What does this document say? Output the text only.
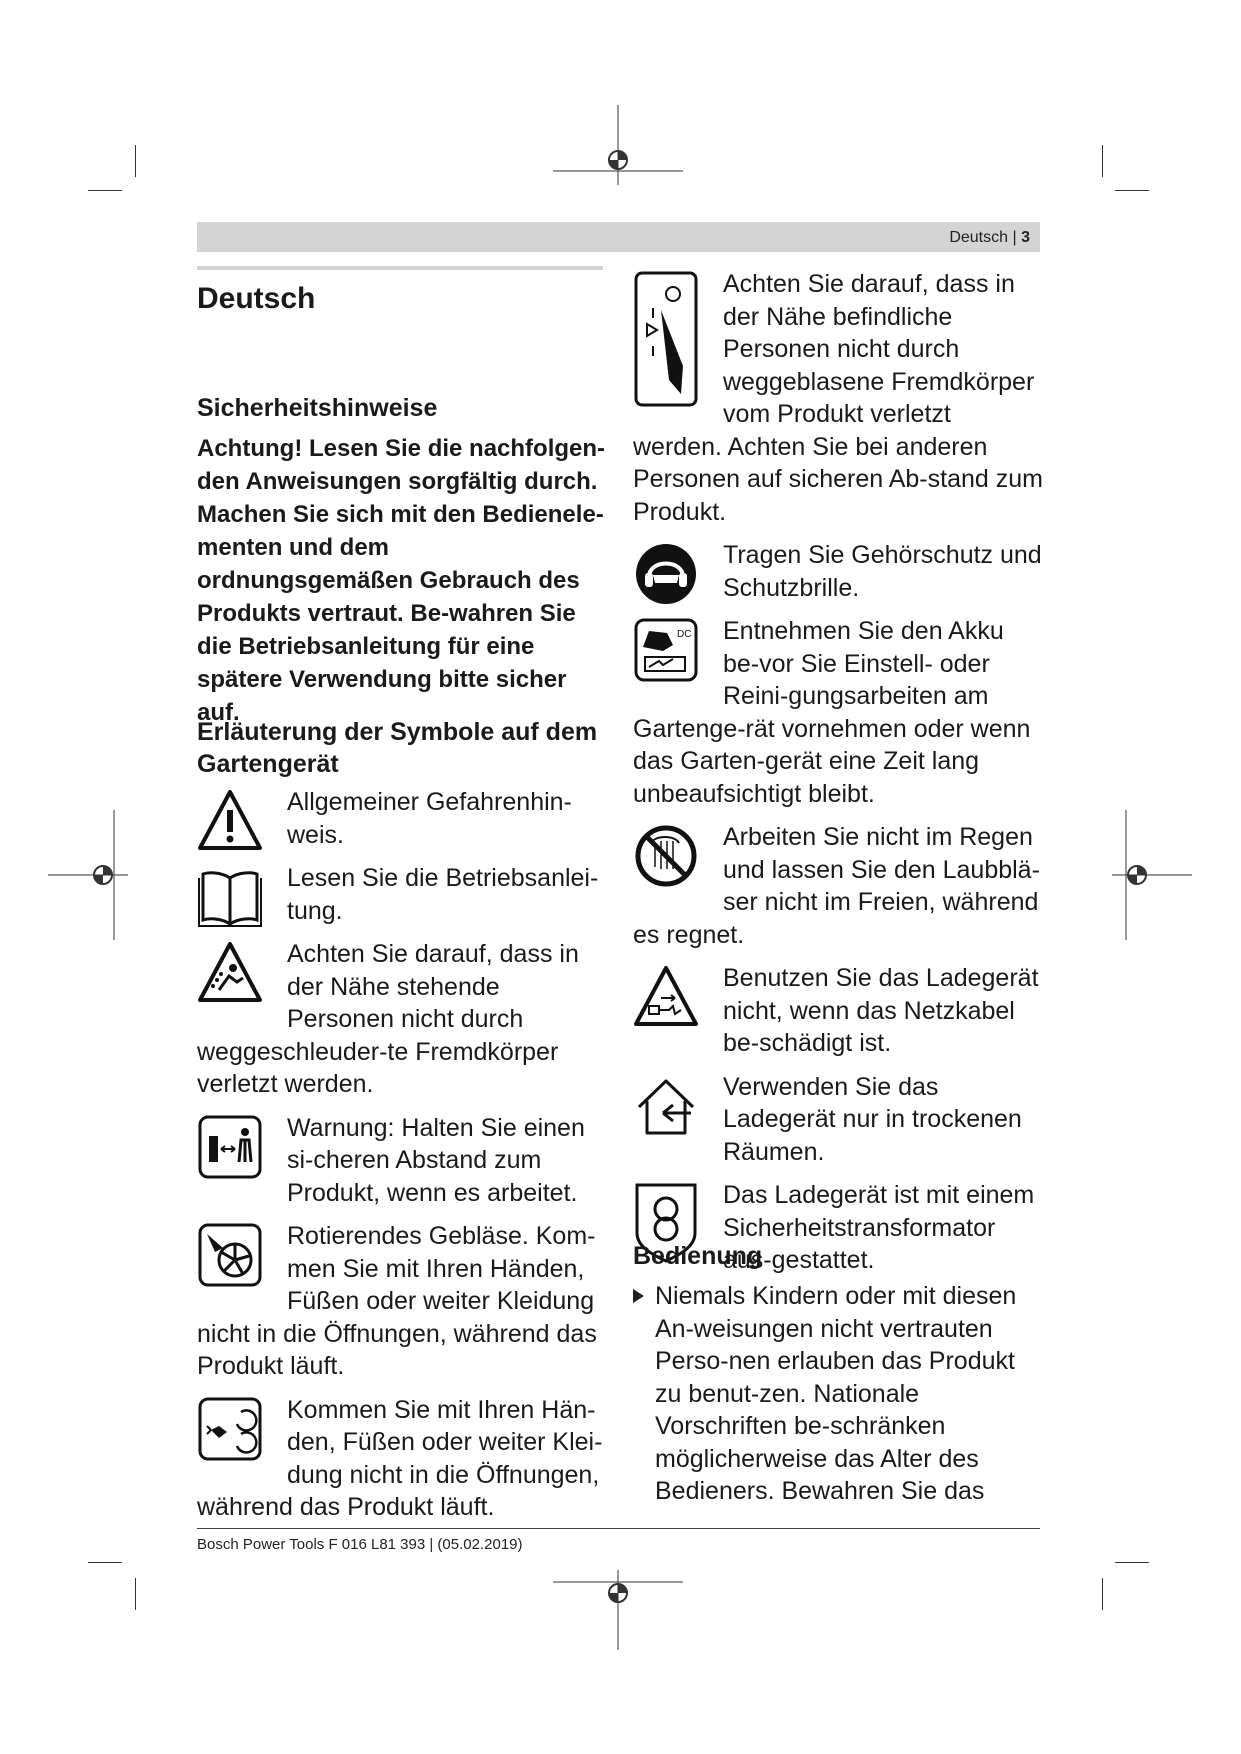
Deutsch | 3
Deutsch
Sicherheitshinweise
Achtung! Lesen Sie die nachfolgen-den Anweisungen sorgfältig durch. Machen Sie sich mit den Bedienele-menten und dem ordnungsgemäßen Gebrauch des Produkts vertraut. Be-wahren Sie die Betriebsanleitung für eine spätere Verwendung bitte sicher auf.
Erläuterung der Symbole auf dem Gartengerät

Allgemeiner Gefahrenhin-weis.

Lesen Sie die Betriebsanlei-tung.

Achten Sie darauf, dass in der Nähe stehende Personen nicht durch weggeschleuder-te Fremdkörper verletzt werden.

Warnung: Halten Sie einen si-cheren Abstand zum Produkt, wenn es arbeitet.

Rotierendes Gebläse. Kom-men Sie mit Ihren Händen, Füßen oder weiter Kleidung nicht in die Öffnungen, während das Produkt läuft.

Kommen Sie mit Ihren Hän-den, Füßen oder weiter Klei-dung nicht in die Öffnungen, während das Produkt läuft.

Achten Sie darauf, dass in der Nähe befindliche Personen nicht durch weggeblasene Fremdkörper vom Produkt verletzt werden. Achten Sie bei anderen Personen auf sicheren Ab-stand zum Produkt.

Tragen Sie Gehörschutz und Schutzbrille.

DC Entnehmen Sie den Akku be-vor Sie Einstell- oder Reini-gungsarbeiten am Gartenge-rät vornehmen oder wenn das Garten-gerät eine Zeit lang unbeaufsichtigt bleibt.

Arbeiten Sie nicht im Regen und lassen Sie den Laubblä-ser nicht im Freien, während es regnet.

Benutzen Sie das Ladegerät nicht, wenn das Netzkabel be-schädigt ist.

Verwenden Sie das Ladegerät nur in trockenen Räumen.

Das Ladegerät ist mit einem Sicherheitstransformator aus-gestattet.

Bedienung
Niemals Kindern oder mit diesen An-weisungen nicht vertrauten Perso-nen erlauben das Produkt zu benut-zen. Nationale Vorschriften be-schränken möglicherweise das Alter des Bedieners. Bewahren Sie das
Bosch Power Tools F 016 L81 393 | (05.02.2019)
